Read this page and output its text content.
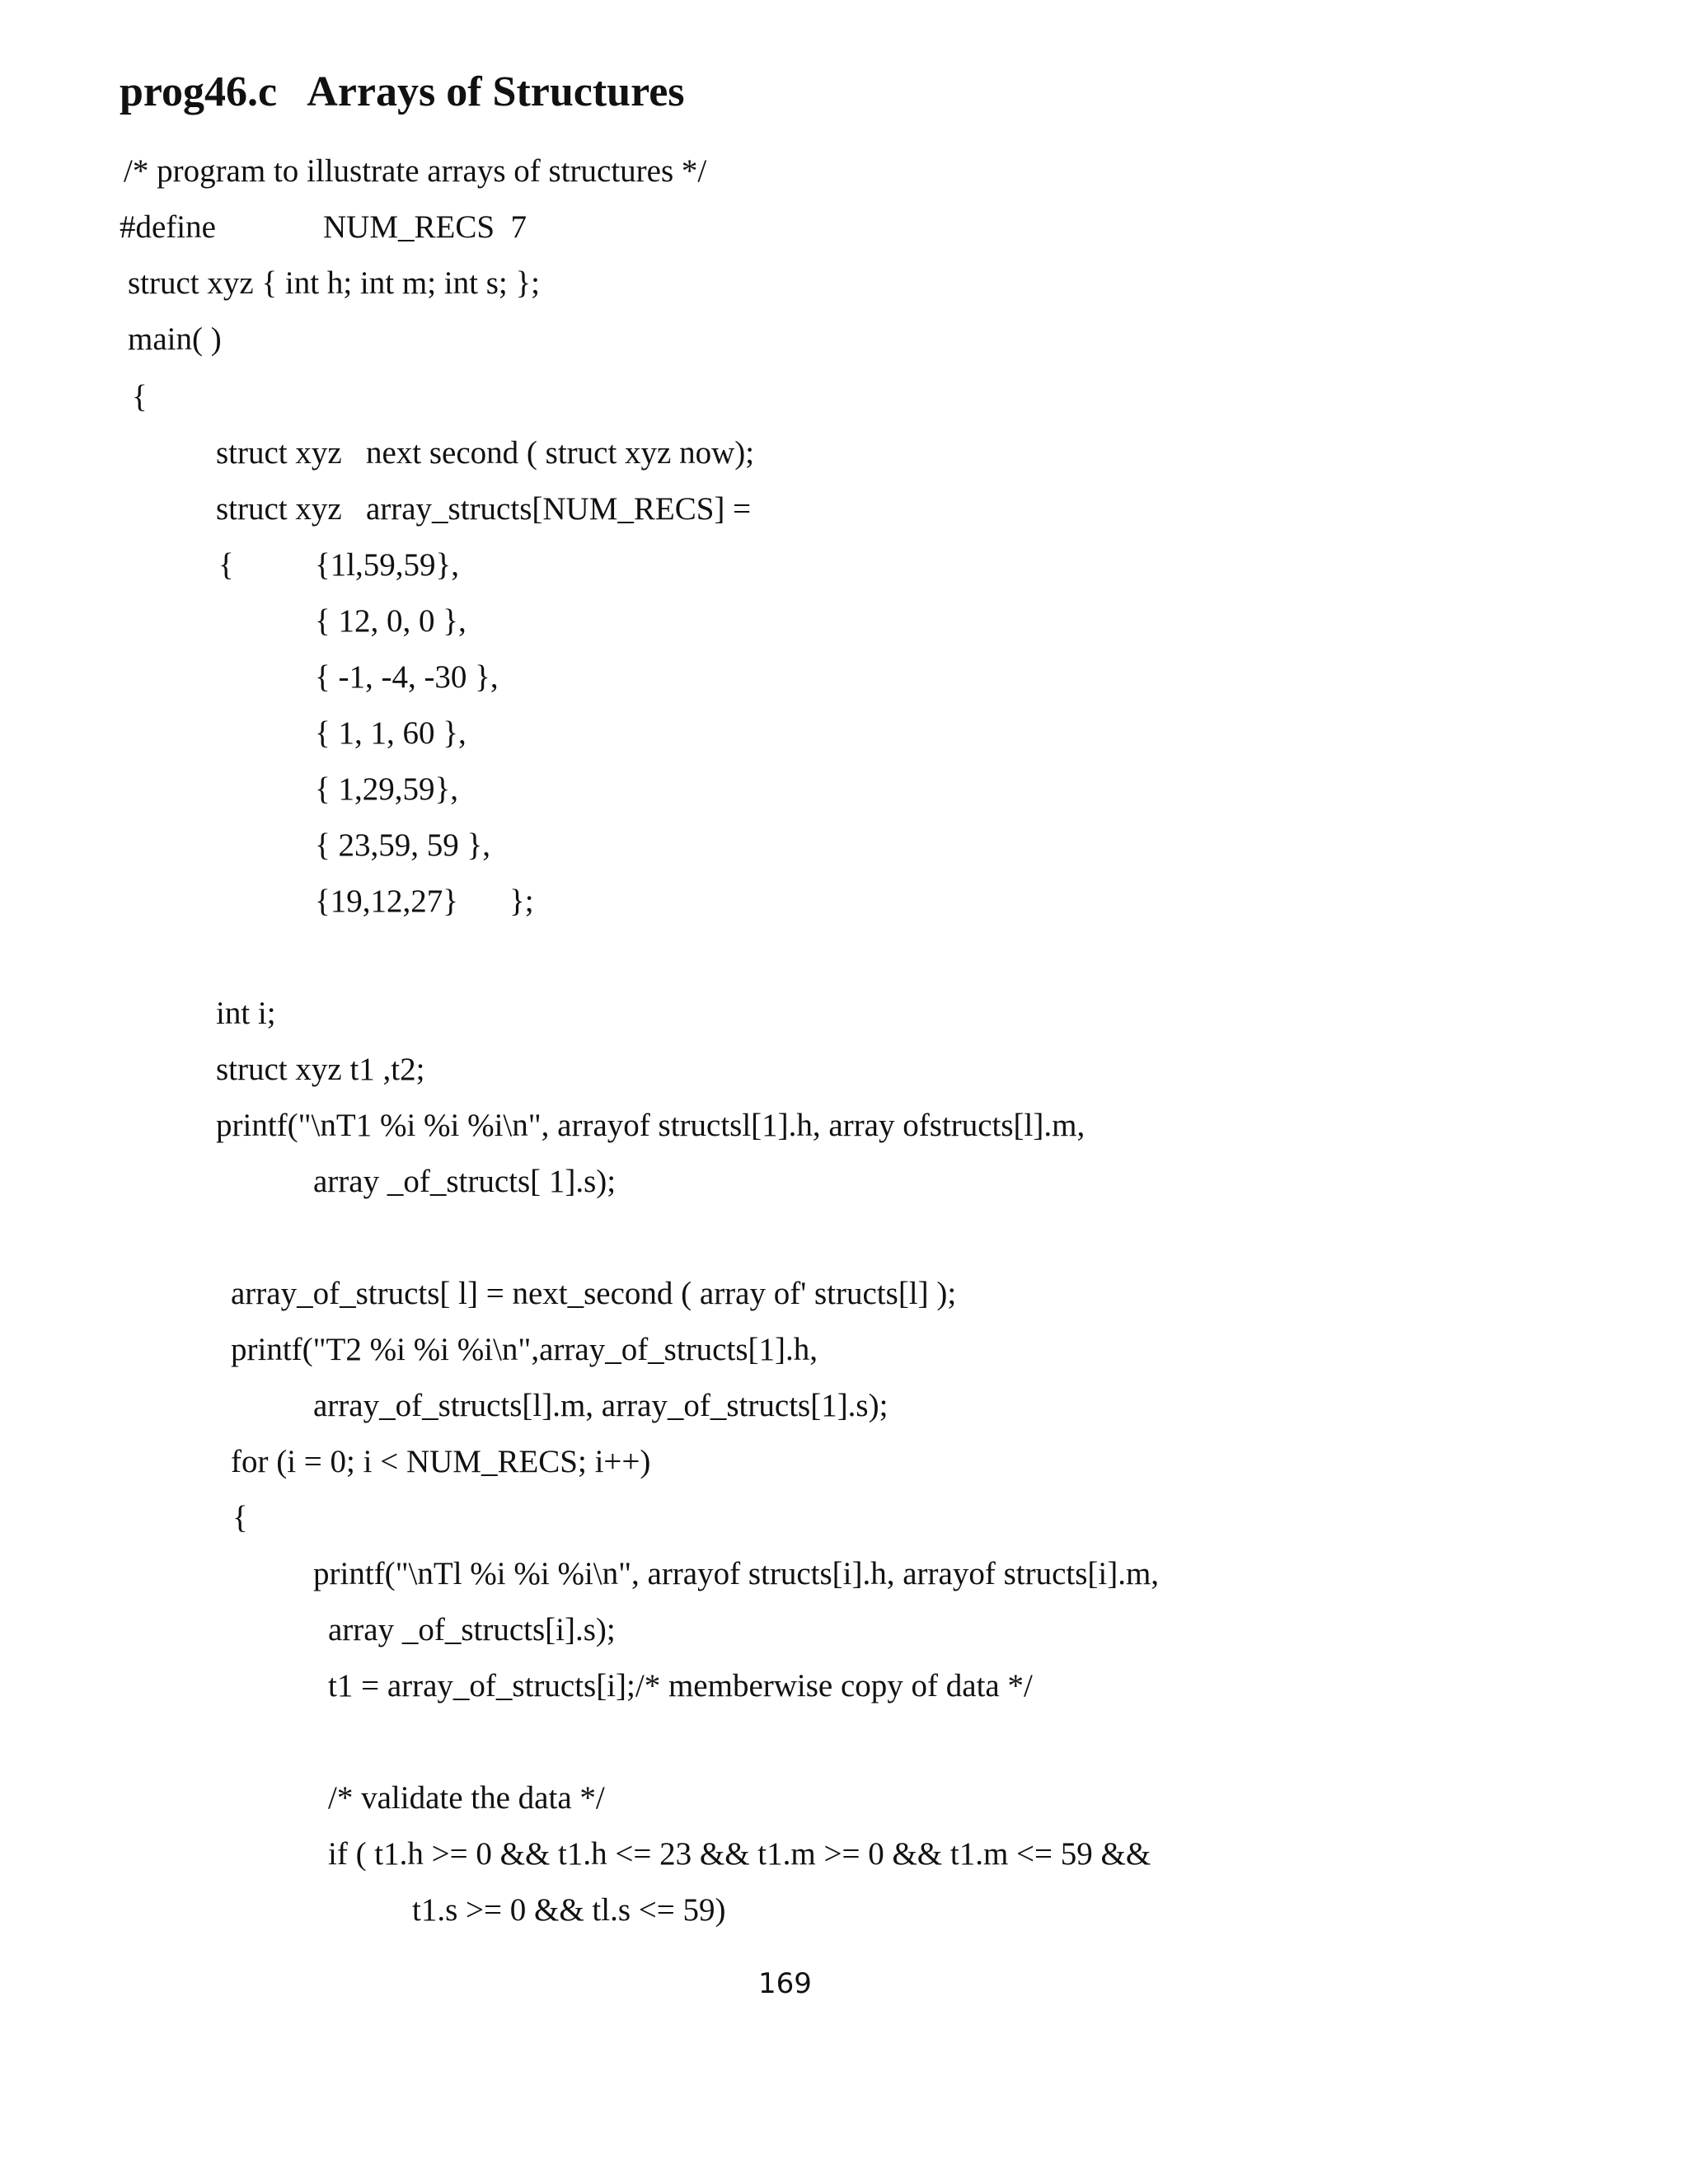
prog46.c   Arrays of Structures
/* program to illustrate arrays of structures */
#define	NUM_RECS  7
struct xyz { int h; int m; int s; };
main( )
{
struct xyz   next second ( struct xyz now);
struct xyz   array_structs[NUM_RECS] =
{	{1l,59,59},
{ 12, 0, 0 },
{ -1, -4, -30 },
{ 1, 1, 60 },
{ 1,29,59},
{ 23,59, 59 },
{19,12,27} };
int i;
struct xyz t1 ,t2;
printf("\nT1 %i %i %i\n", arrayof structsl[1].h, array ofstructs[l].m,
array _of_structs[ 1].s);
array_of_structs[ l] = next_second ( array of' structs[l] );
printf("T2 %i %i %i\n",array_of_structs[1].h,
array_of_structs[l].m, array_of_structs[1].s);
for (i = 0; i < NUM_RECS; i++)
{
printf("\nTl %i %i %i\n", arrayof structs[i].h, arrayof structs[i].m,
array _of_structs[i].s);
t1 = array_of_structs[i];/* memberwise copy of data */
/* validate the data */
if ( t1.h >= 0 && t1.h <= 23 && t1.m >= 0 && t1.m <= 59 &&
t1.s >= 0 && tl.s <= 59)
169
